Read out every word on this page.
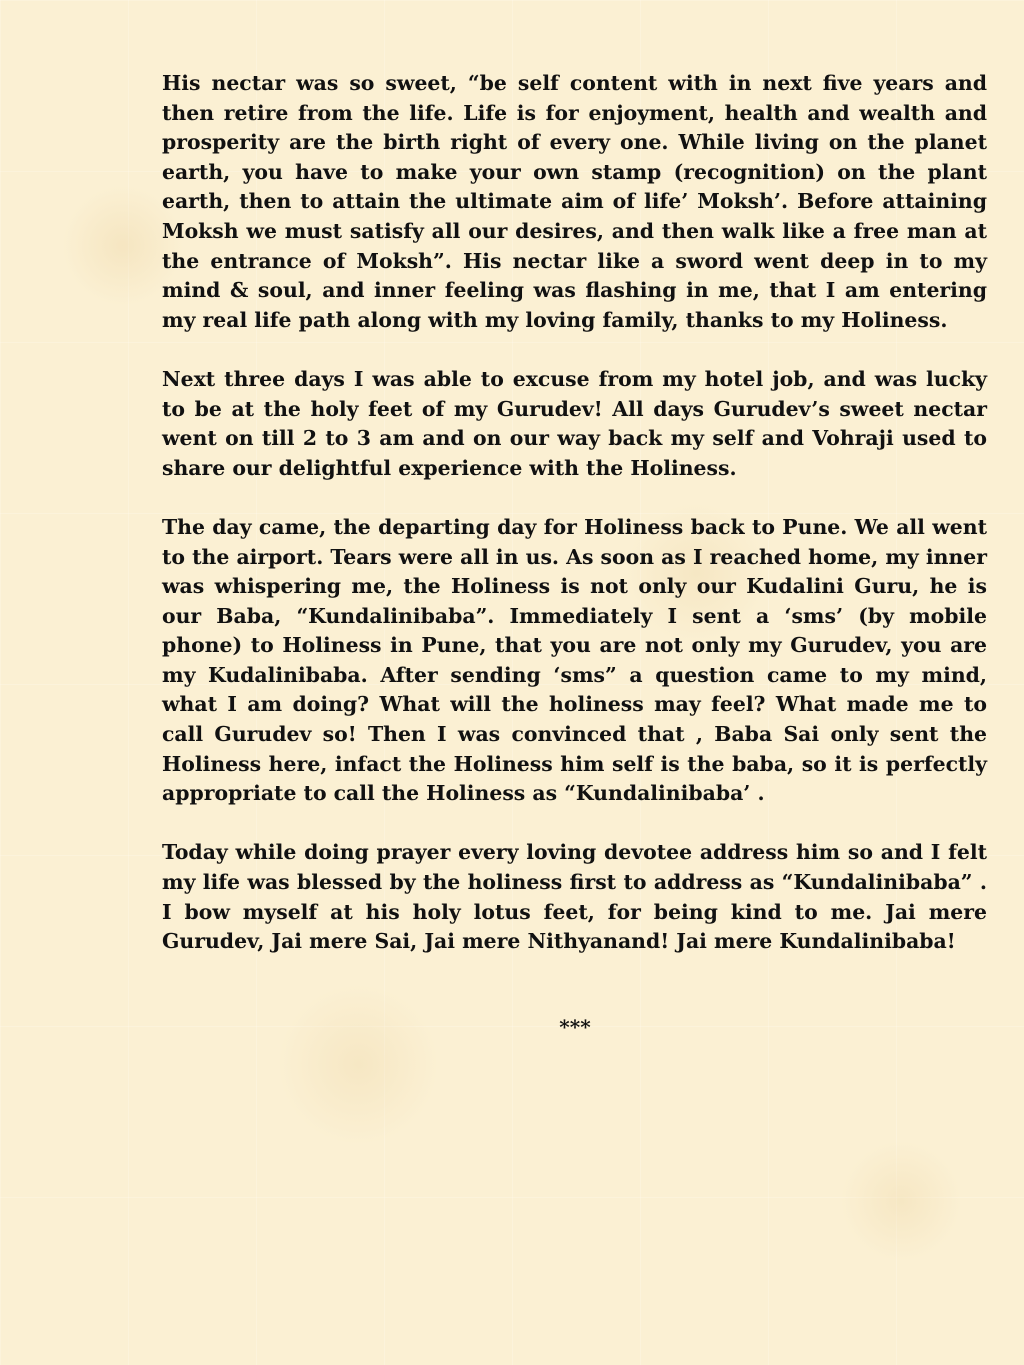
His nectar was so sweet, “be self content with in next five years and then retire from the life. Life is for enjoyment, health and wealth and prosperity are the birth right of every one. While living on the planet earth, you have to make your own stamp (recognition) on the plant earth, then to attain the ultimate aim of life’ Moksh’. Before attaining Moksh we must satisfy all our desires, and then walk like a free man at the entrance of Moksh”. His nectar like a sword went deep in to my mind & soul, and inner feeling was flashing in me, that I am entering my real life path along with my loving family, thanks to my Holiness.

Next three days I was able to excuse from my hotel job, and was lucky to be at the holy feet of my Gurudev! All days Gurudev’s sweet nectar went on till 2 to 3 am and on our way back my self and Vohraji used to share our delightful experience with the Holiness.

The day came, the departing day for Holiness back to Pune. We all went to the airport. Tears were all in us. As soon as I reached home, my inner was whispering me, the Holiness is not only our Kudalini Guru, he is our Baba, “Kundalinibaba”. Immediately I sent a ‘sms’ (by mobile phone) to Holiness in Pune, that you are not only my Gurudev, you are my Kudalinibaba. After sending ‘sms” a question came to my mind, what I am doing? What will the holiness may feel? What made me to call Gurudev so! Then I was convinced that , Baba Sai only sent the Holiness here, infact the Holiness him self is the baba, so it is perfectly appropriate to call the Holiness as “Kundalinibaba’ .

Today while doing prayer every loving devotee address him so and I felt my life was blessed by the holiness first to address as “Kundalinibaba” . I bow myself at his holy lotus feet, for being kind to me. Jai mere Gurudev, Jai mere Sai, Jai mere Nithyanand! Jai mere Kundalinibaba!

***
